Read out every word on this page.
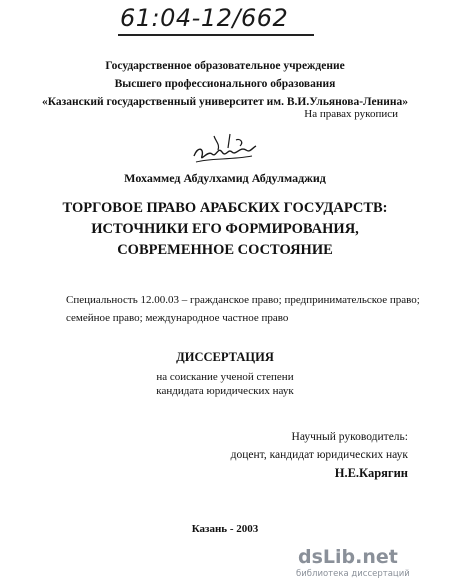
61:04-12/662
Государственное образовательное учреждение
Высшего профессионального образования
«Казанский государственный университет им. В.И.Ульянова-Ленина»
На правах рукописи
Мохаммед Абдулхамид Абдулмаджид
ТОРГОВОЕ ПРАВО АРАБСКИХ ГОСУДАРСТВ:
ИСТОЧНИКИ ЕГО ФОРМИРОВАНИЯ,
СОВРЕМЕННОЕ СОСТОЯНИЕ
Специальность 12.00.03 – гражданское право; предпринимательское право;
семейное право; международное частное право
ДИССЕРТАЦИЯ
на соискание ученой степени
кандидата юридических наук
Научный руководитель:
доцент, кандидат юридических наук
Н.Е.Карягин
Казань - 2003
dsLib.net
библиотека диссертаций
